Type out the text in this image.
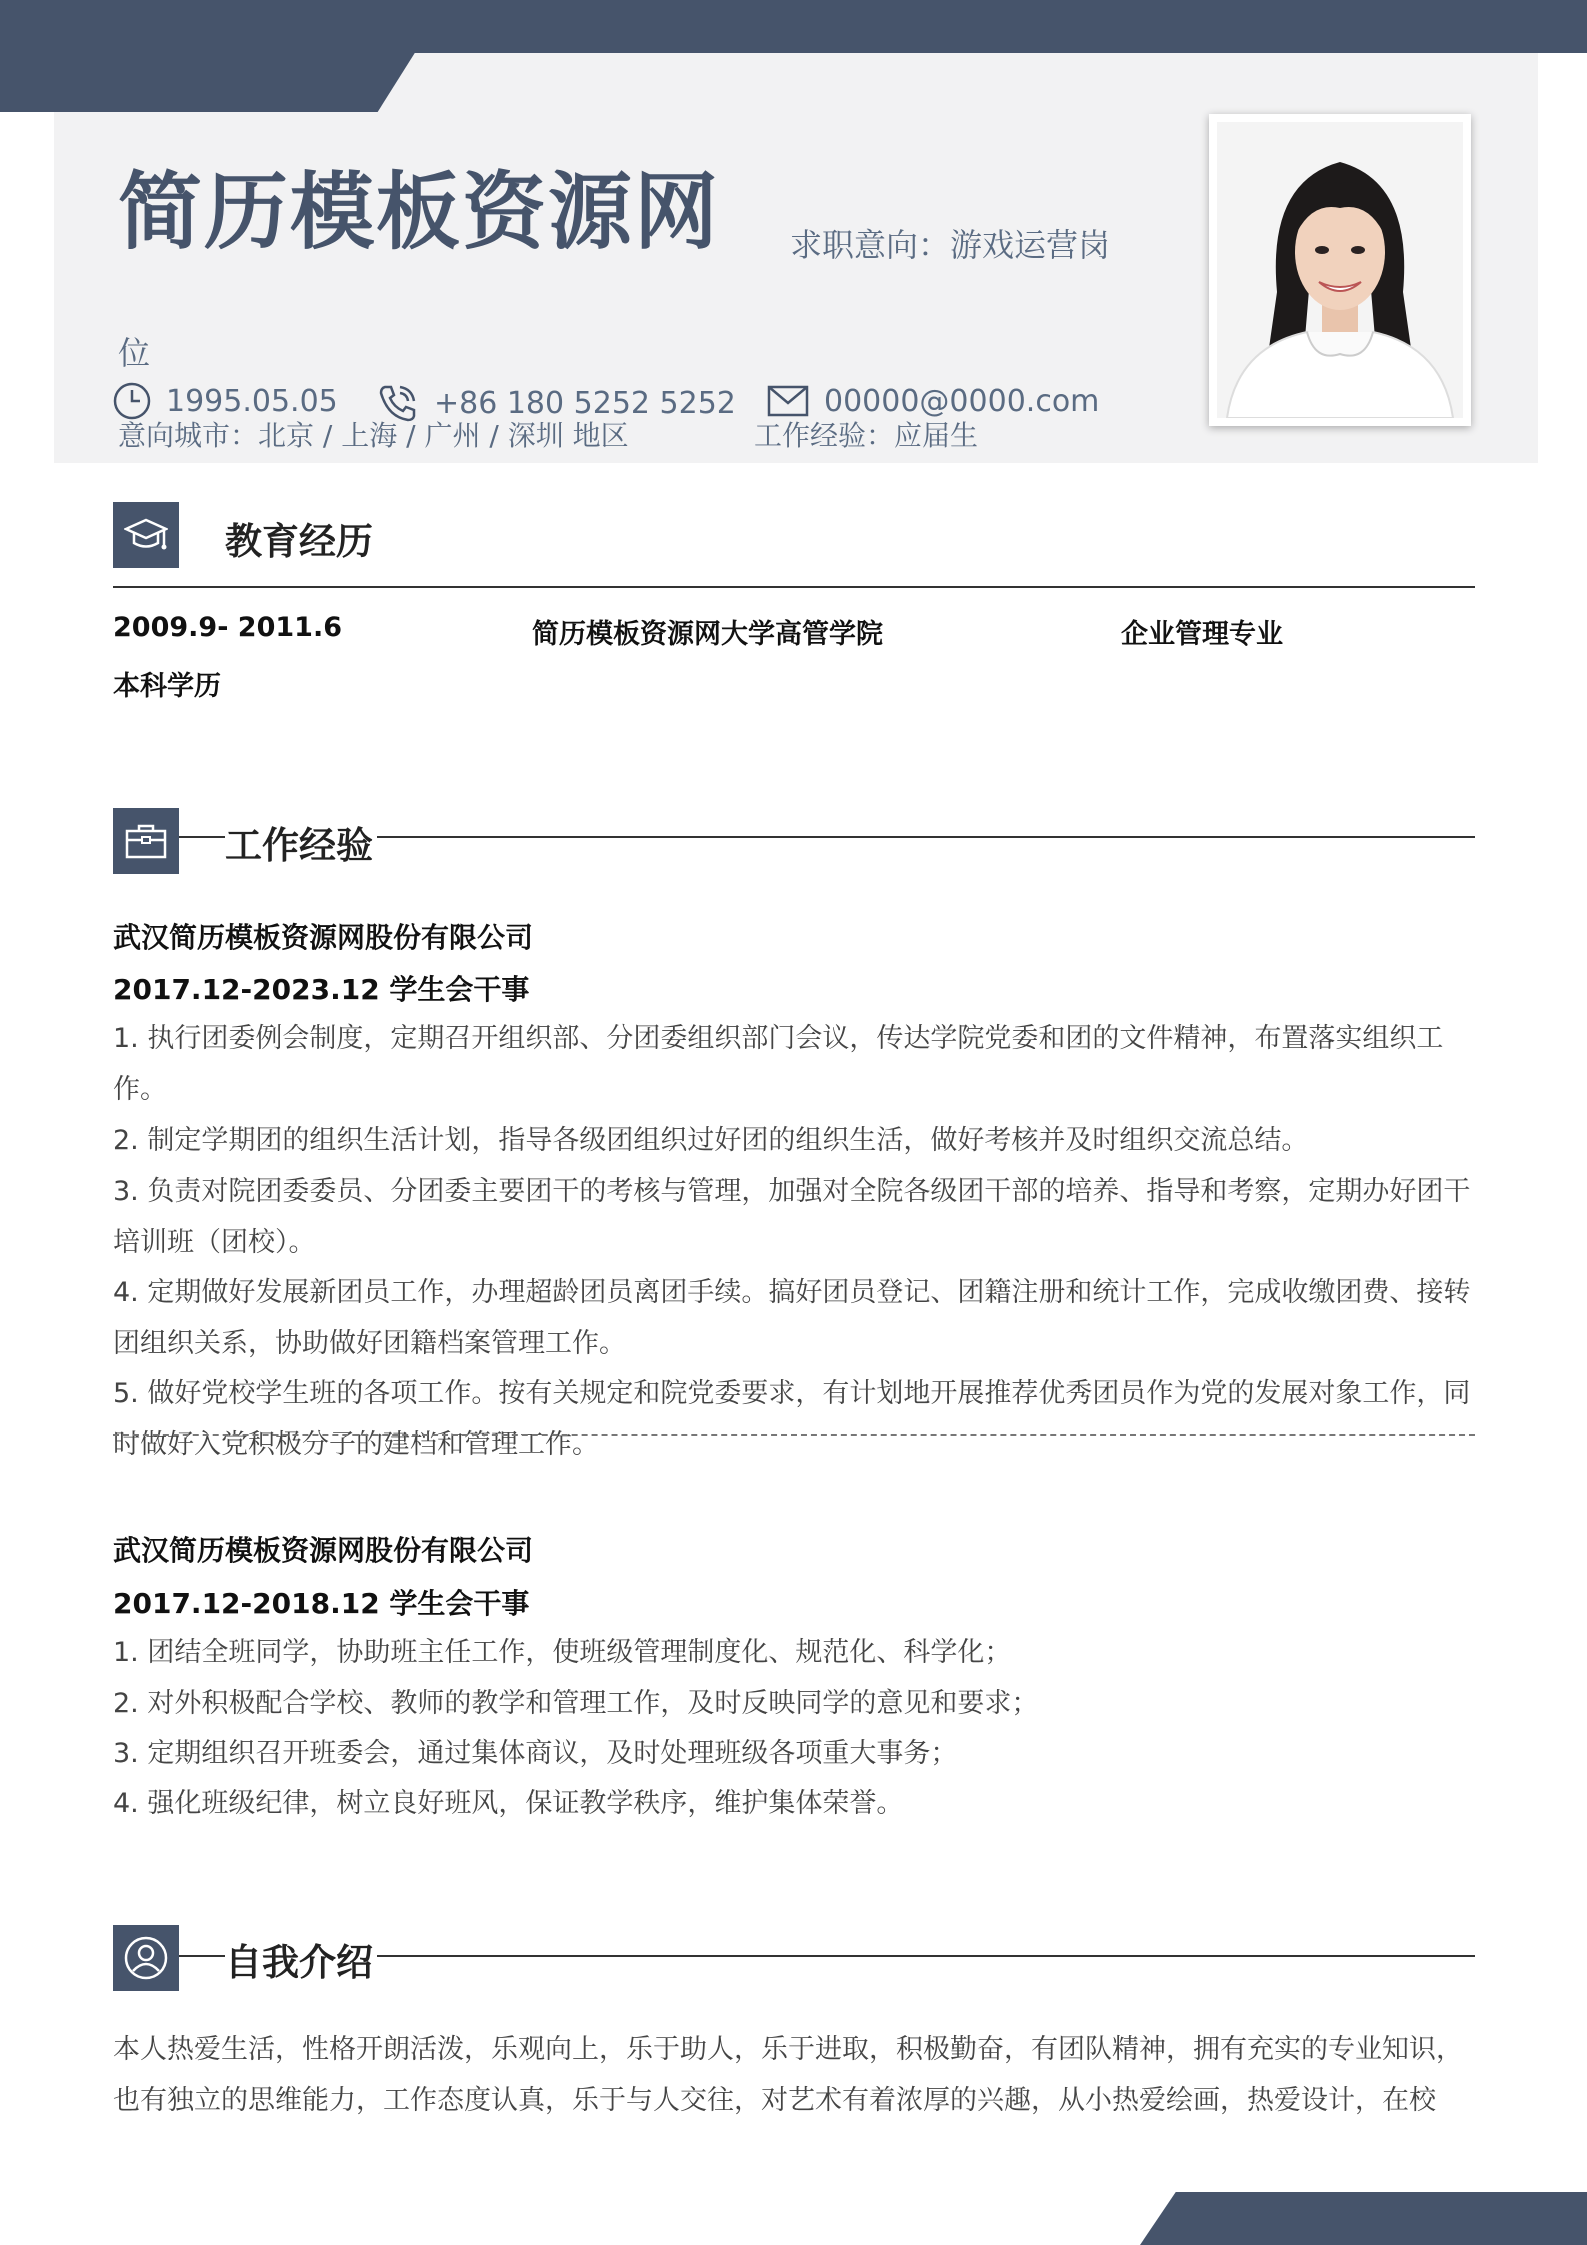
简历模板资源网 求职意向：游戏运营岗
位
1995.05.05	+86 180 5252 5252	00000@0000.com
意向城市：北京 / 上海 / 广州 / 深圳 地区	工作经验：应届生
教育经历
2009.9- 2011.6	简历模板资源网大学高管学院	企业管理专业
本科学历
工作经验
武汉简历模板资源网股份有限公司
2017.12-2023.12 学生会干事
1. 执行团委例会制度，定期召开组织部、分团委组织部门会议，传达学院党委和团的文件精神，布置落实组织工作。
2. 制定学期团的组织生活计划，指导各级团组织过好团的组织生活，做好考核并及时组织交流总结。
3. 负责对院团委委员、分团委主要团干的考核与管理，加强对全院各级团干部的培养、指导和考察，定期办好团干培训班（团校）。
4. 定期做好发展新团员工作，办理超龄团员离团手续。搞好团员登记、团籍注册和统计工作，完成收缴团费、接转团组织关系，协助做好团籍档案管理工作。
5. 做好党校学生班的各项工作。按有关规定和院党委要求，有计划地开展推荐优秀团员作为党的发展对象工作，同时做好入党积极分子的建档和管理工作。
武汉简历模板资源网股份有限公司
2017.12-2018.12 学生会干事
1. 团结全班同学，协助班主任工作，使班级管理制度化、规范化、科学化；
2. 对外积极配合学校、教师的教学和管理工作，及时反映同学的意见和要求；
3. 定期组织召开班委会，通过集体商议，及时处理班级各项重大事务；
4. 强化班级纪律，树立良好班风，保证教学秩序，维护集体荣誉。
自我介绍
本人热爱生活，性格开朗活泼，乐观向上，乐于助人，乐于进取，积极勤奋，有团队精神，拥有充实的专业知识，也有独立的思维能力，工作态度认真，乐于与人交往，对艺术有着浓厚的兴趣，从小热爱绘画，热爱设计，在校
